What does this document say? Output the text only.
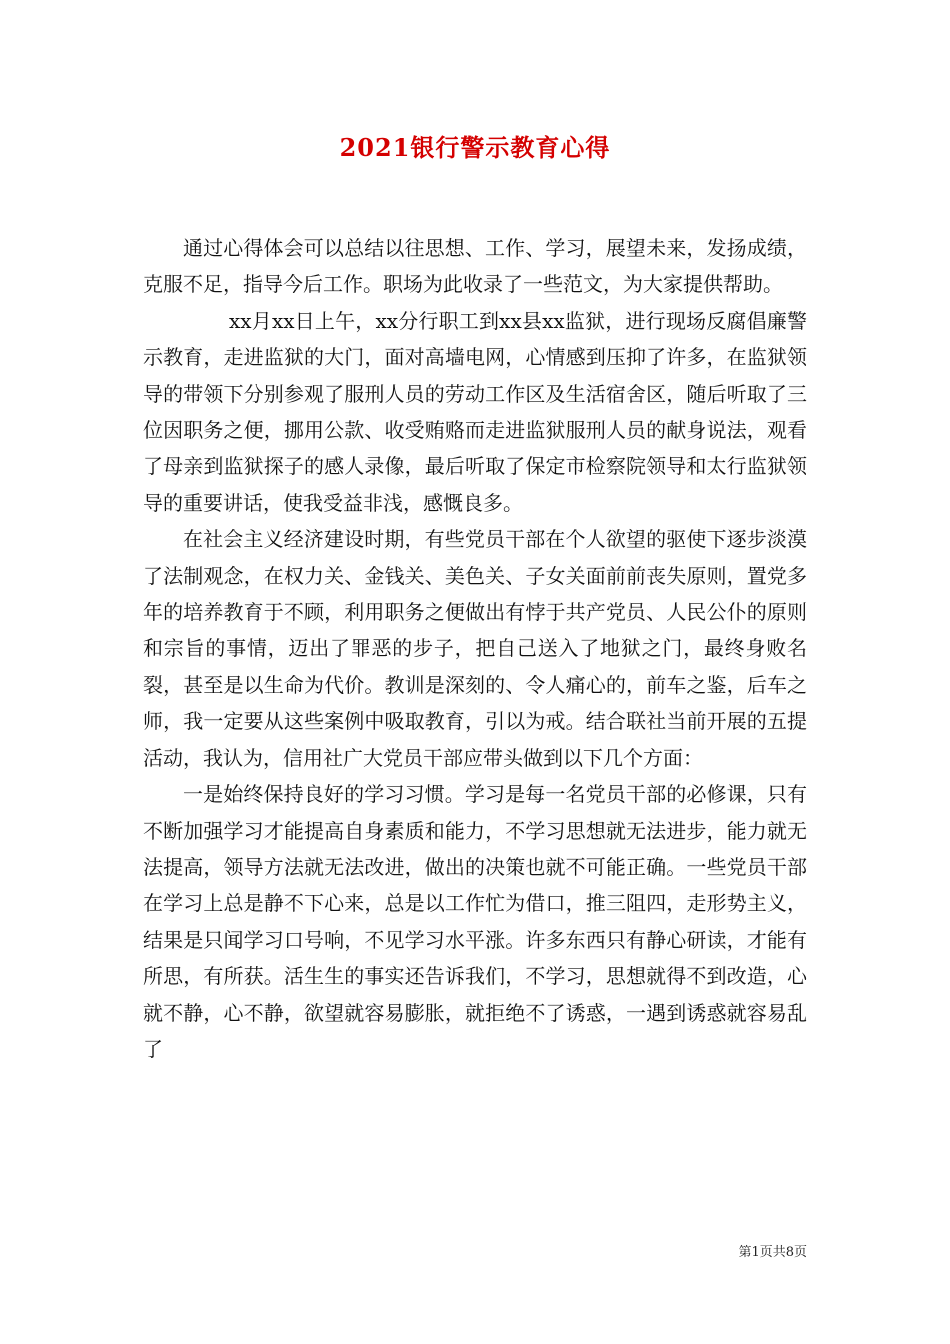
2021银行警示教育心得

通过心得体会可以总结以往思想、工作、学习，展望未来，发扬成绩，克服不足，指导今后工作。职场为此收录了一些范文，为大家提供帮助。

xx月xx日上午，xx分行职工到xx县xx监狱，进行现场反腐倡廉警示教育，走进监狱的大门，面对高墙电网，心情感到压抑了许多，在监狱领导的带领下分别参观了服刑人员的劳动工作区及生活宿舍区，随后听取了三位因职务之便，挪用公款、收受贿赂而走进监狱服刑人员的献身说法，观看了母亲到监狱探子的感人录像，最后听取了保定市检察院领导和太行监狱领导的重要讲话，使我受益非浅，感慨良多。

在社会主义经济建设时期，有些党员干部在个人欲望的驱使下逐步淡漠了法制观念，在权力关、金钱关、美色关、子女关面前前丧失原则，置党多年的培养教育于不顾，利用职务之便做出有悖于共产党员、人民公仆的原则和宗旨的事情，迈出了罪恶的步子，把自己送入了地狱之门，最终身败名裂，甚至是以生命为代价。教训是深刻的、令人痛心的，前车之鉴，后车之师，我一定要从这些案例中吸取教育，引以为戒。结合联社当前开展的五提活动，我认为，信用社广大党员干部应带头做到以下几个方面：

一是始终保持良好的学习习惯。学习是每一名党员干部的必修课，只有不断加强学习才能提高自身素质和能力，不学习思想就无法进步，能力就无法提高，领导方法就无法改进，做出的决策也就不可能正确。一些党员干部在学习上总是静不下心来，总是以工作忙为借口，推三阻四，走形势主义，结果是只闻学习口号响，不见学习水平涨。许多东西只有静心研读，才能有所思，有所获。活生生的事实还告诉我们，不学习，思想就得不到改造，心就不静，心不静，欲望就容易膨胀，就拒绝不了诱惑，一遇到诱惑就容易乱了

第1页共8页
